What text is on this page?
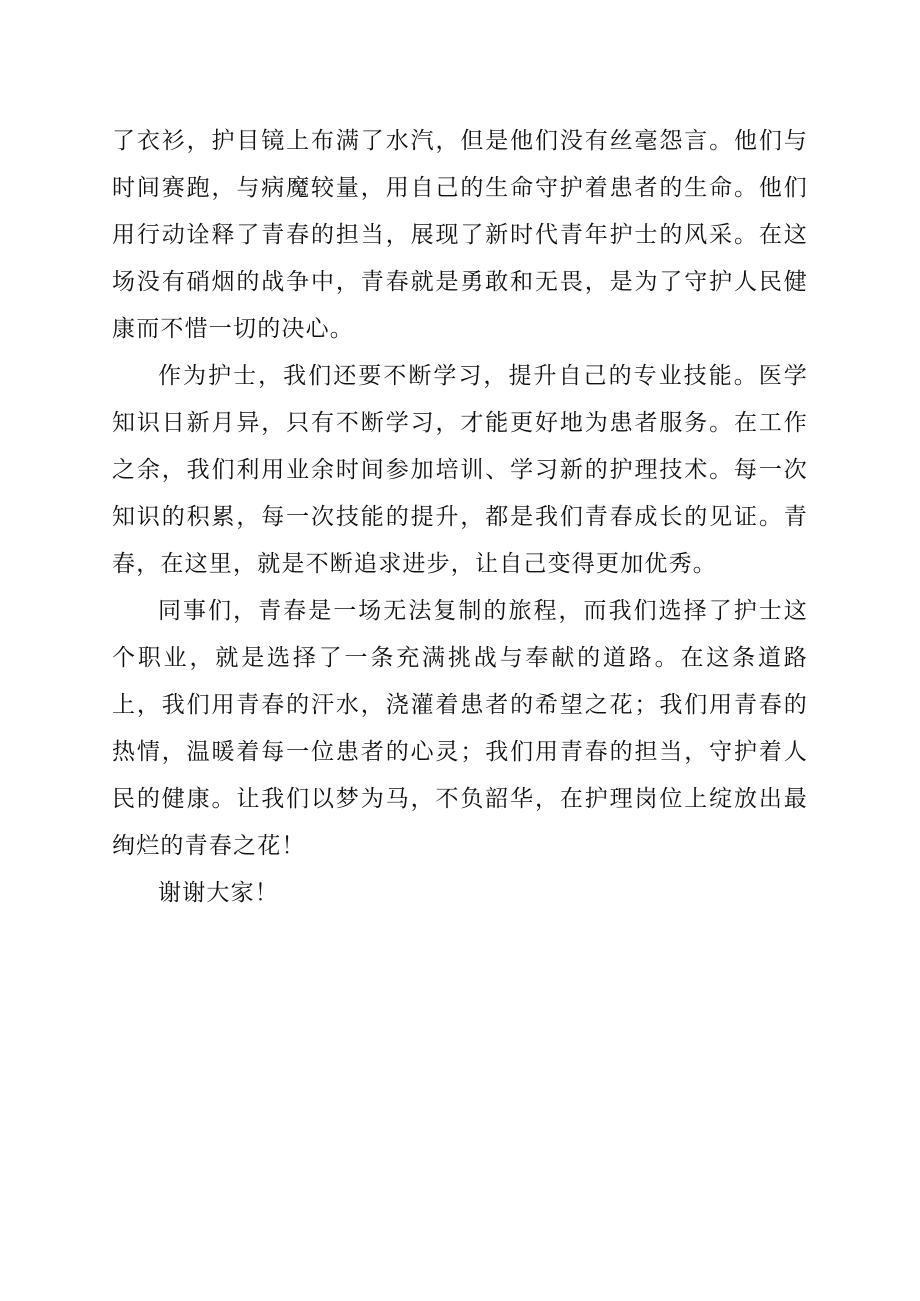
了衣衫，护目镜上布满了水汽，但是他们没有丝毫怨言。他们与时间赛跑，与病魔较量，用自己的生命守护着患者的生命。他们用行动诠释了青春的担当，展现了新时代青年护士的风采。在这场没有硝烟的战争中，青春就是勇敢和无畏，是为了守护人民健康而不惜一切的决心。

作为护士，我们还要不断学习，提升自己的专业技能。医学知识日新月异，只有不断学习，才能更好地为患者服务。在工作之余，我们利用业余时间参加培训、学习新的护理技术。每一次知识的积累，每一次技能的提升，都是我们青春成长的见证。青春，在这里，就是不断追求进步，让自己变得更加优秀。

同事们，青春是一场无法复制的旅程，而我们选择了护士这个职业，就是选择了一条充满挑战与奉献的道路。在这条道路上，我们用青春的汗水，浇灌着患者的希望之花；我们用青春的热情，温暖着每一位患者的心灵；我们用青春的担当，守护着人民的健康。让我们以梦为马，不负韶华，在护理岗位上绽放出最绚烂的青春之花！

谢谢大家！
